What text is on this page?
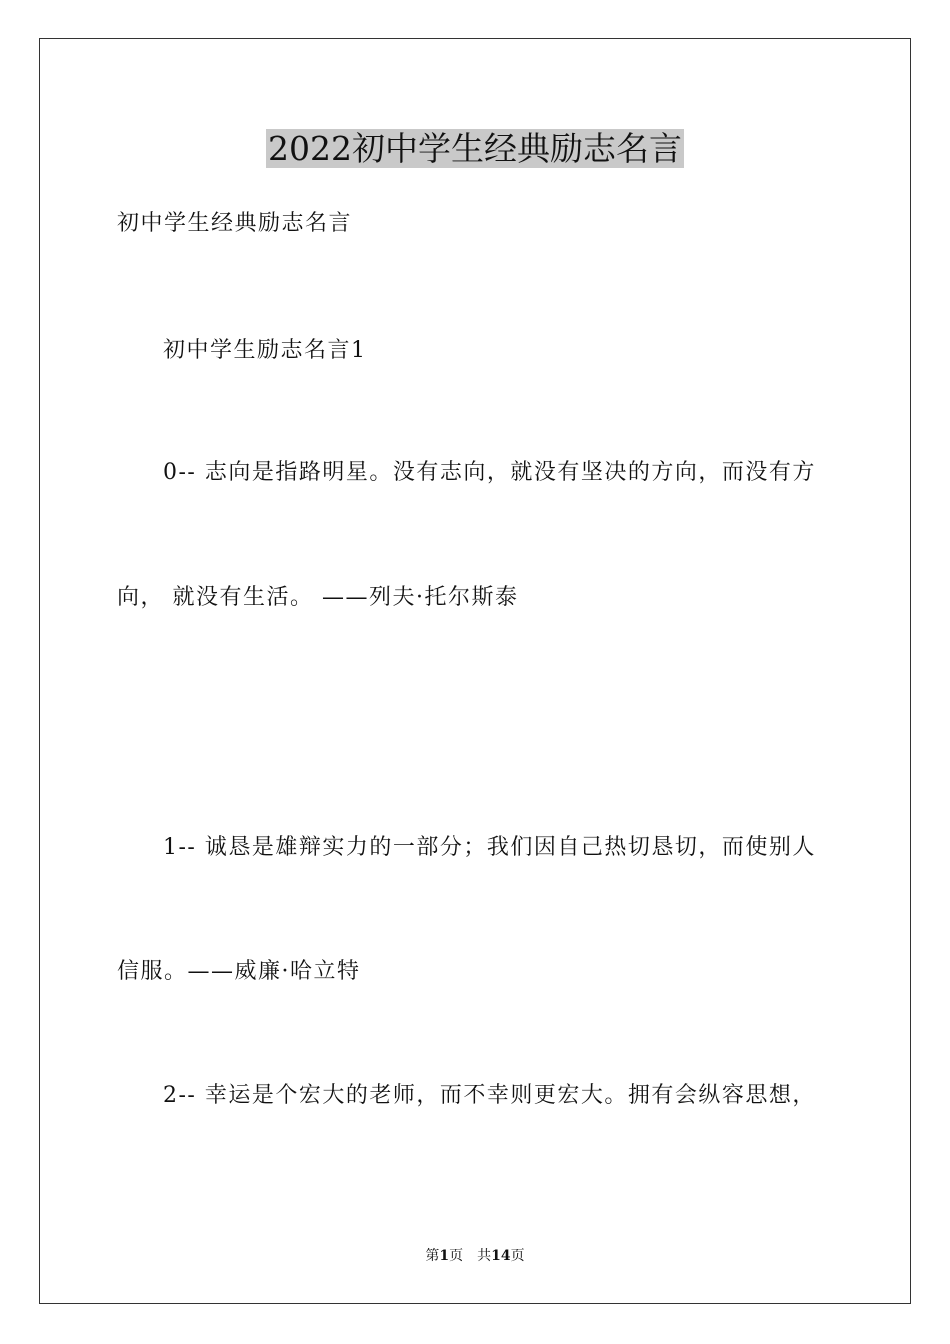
2022初中学生经典励志名言
初中学生经典励志名言
初中学生励志名言1
0-- 志向是指路明星。没有志向，就没有坚决的方向，而没有方
向， 就没有生活。 ——列夫·托尔斯泰
1-- 诚恳是雄辩实力的一部分；我们因自己热切恳切，而使别人
信服。——威廉·哈立特
2-- 幸运是个宏大的老师，而不幸则更宏大。拥有会纵容思想，
第1页 共14页
